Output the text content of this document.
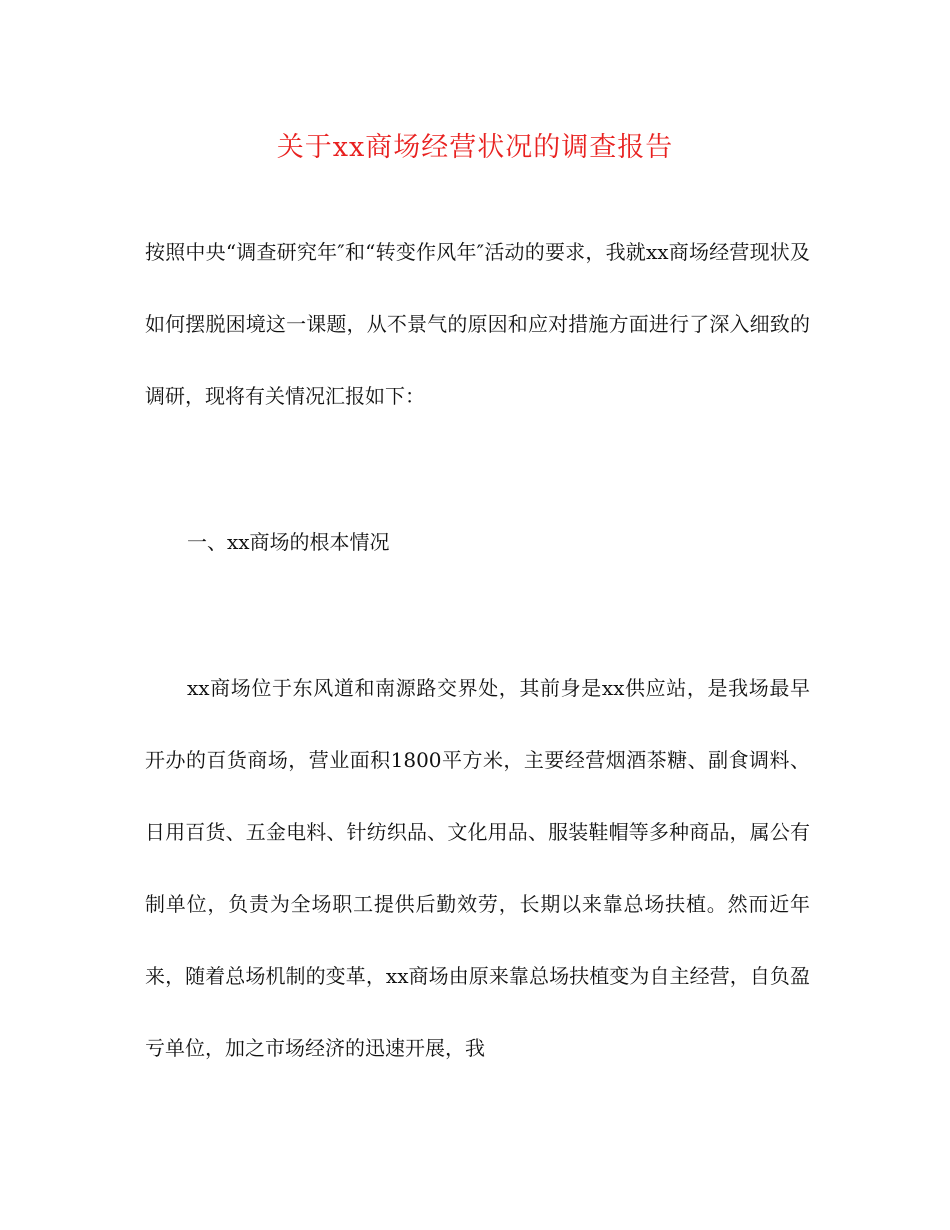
关于xx商场经营状况的调查报告

按照中央“调查研究年″和“转变作风年″活动的要求，我就xx商场经营现状及如何摆脱困境这一课题，从不景气的原因和应对措施方面进行了深入细致的调研，现将有关情况汇报如下：

一、xx商场的根本情况

xx商场位于东风道和南源路交界处，其前身是xx供应站，是我场最早开办的百货商场，营业面积1800平方米，主要经营烟酒茶糖、副食调料、日用百货、五金电料、针纺织品、文化用品、服装鞋帽等多种商品，属公有制单位，负责为全场职工提供后勤效劳，长期以来靠总场扶植。然而近年来，随着总场机制的变革，xx商场由原来靠总场扶植变为自主经营，自负盈亏单位，加之市场经济的迅速开展，我
